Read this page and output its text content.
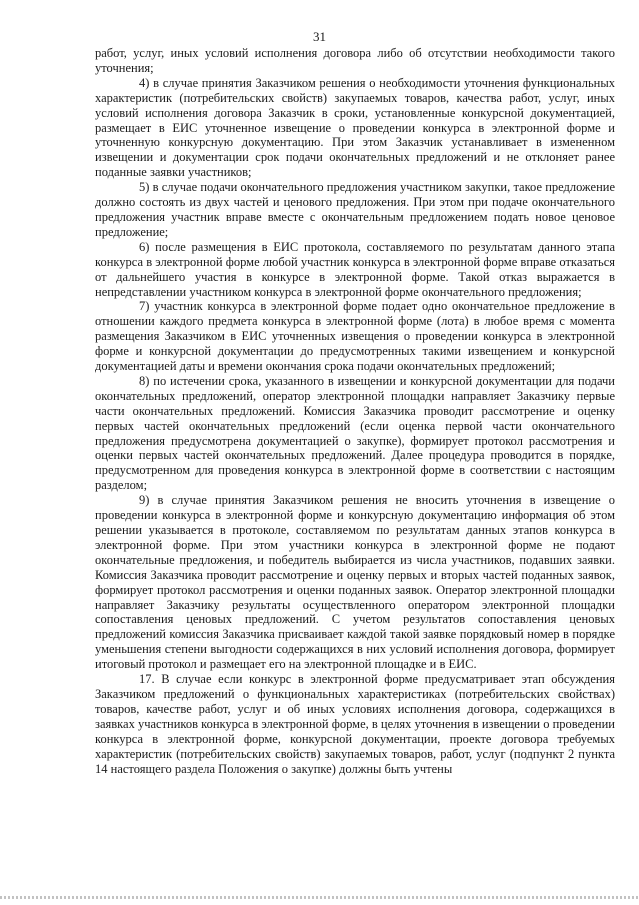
31

работ, услуг, иных условий исполнения договора либо об отсутствии необходимости такого уточнения;

4) в случае принятия Заказчиком решения о необходимости уточнения функциональных характеристик (потребительских свойств) закупаемых товаров, качества работ, услуг, иных условий исполнения договора Заказчик в сроки, установленные конкурсной документацией, размещает в ЕИС уточненное извещение о проведении конкурса в электронной форме и уточненную конкурсную документацию. При этом Заказчик устанавливает в измененном извещении и документации срок подачи окончательных предложений и не отклоняет ранее поданные заявки участников;

5) в случае подачи окончательного предложения участником закупки, такое предложение должно состоять из двух частей и ценового предложения. При этом при подаче окончательного предложения участник вправе вместе с окончательным предложением подать новое ценовое предложение;

6) после размещения в ЕИС протокола, составляемого по результатам данного этапа конкурса в электронной форме любой участник конкурса в электронной форме вправе отказаться от дальнейшего участия в конкурсе в электронной форме. Такой отказ выражается в непредставлении участником конкурса в электронной форме окончательного предложения;

7) участник конкурса в электронной форме подает одно окончательное предложение в отношении каждого предмета конкурса в электронной форме (лота) в любое время с момента размещения Заказчиком в ЕИС уточненных извещения о проведении конкурса в электронной форме и конкурсной документации до предусмотренных такими извещением и конкурсной документацией даты и времени окончания срока подачи окончательных предложений;

8) по истечении срока, указанного в извещении и конкурсной документации для подачи окончательных предложений, оператор электронной площадки направляет Заказчику первые части окончательных предложений. Комиссия Заказчика проводит рассмотрение и оценку первых частей окончательных предложений (если оценка первой части окончательного предложения предусмотрена документацией о закупке), формирует протокол рассмотрения и оценки первых частей окончательных предложений. Далее процедура проводится в порядке, предусмотренном для проведения конкурса в электронной форме в соответствии с настоящим разделом;

9) в случае принятия Заказчиком решения не вносить уточнения в извещение о проведении конкурса в электронной форме и конкурсную документацию информация об этом решении указывается в протоколе, составляемом по результатам данных этапов конкурса в электронной форме. При этом участники конкурса в электронной форме не подают окончательные предложения, и победитель выбирается из числа участников, подавших заявки. Комиссия Заказчика проводит рассмотрение и оценку первых и вторых частей поданных заявок, формирует протокол рассмотрения и оценки поданных заявок. Оператор электронной площадки направляет Заказчику результаты осуществленного оператором электронной площадки сопоставления ценовых предложений. С учетом результатов сопоставления ценовых предложений комиссия Заказчика присваивает каждой такой заявке порядковый номер в порядке уменьшения степени выгодности содержащихся в них условий исполнения договора, формирует итоговый протокол и размещает его на электронной площадке и в ЕИС.

17. В случае если конкурс в электронной форме предусматривает этап обсуждения Заказчиком предложений о функциональных характеристиках (потребительских свойствах) товаров, качестве работ, услуг и об иных условиях исполнения договора, содержащихся в заявках участников конкурса в электронной форме, в целях уточнения в извещении о проведении конкурса в электронной форме, конкурсной документации, проекте договора требуемых характеристик (потребительских свойств) закупаемых товаров, работ, услуг (подпункт 2 пункта 14 настоящего раздела Положения о закупке) должны быть учтены
